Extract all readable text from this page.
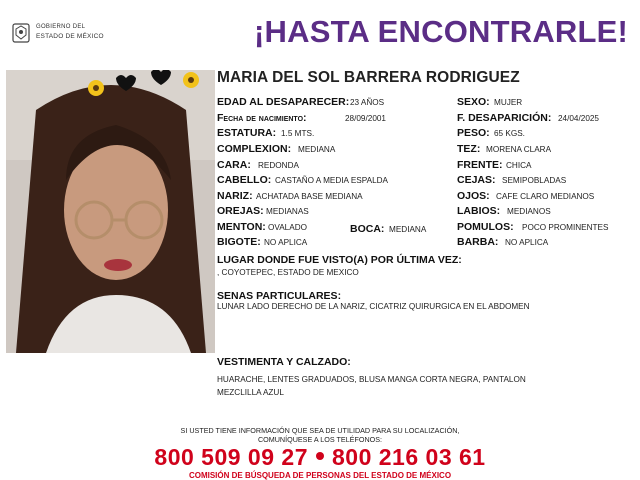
GOBIERNO DEL
ESTADO DE MÉXICO	¡HASTA ENCONTRARLE!
MARIA DEL SOL BARRERA RODRIGUEZ
EDAD AL DESAPARECER: 23 AÑOS
Fecha de nacimiento:	28/09/2001
ESTATURA: 1.5 MTS.
COMPLEXION: MEDIANA
CARA: REDONDA
CABELLO: CASTAÑO A MEDIA ESPALDA
NARIZ: ACHATADA BASE MEDIANA
OREJAS: MEDIANAS
MENTON: OVALADO	BOCA: MEDIANA
BIGOTE: NO APLICA
SEXO: MUJER
F. DESAPARICIÓN: 24/04/2025
PESO: 65 KGS.
TEZ: MORENA CLARA
FRENTE: CHICA
CEJAS: SEMIPOBLADAS
OJOS: CAFE CLARO MEDIANOS
LABIOS: MEDIANOS
POMULOS: POCO PROMINENTES
BARBA: NO APLICA
LUGAR DONDE FUE VISTO(A) POR ÚLTIMA VEZ:
, COYOTEPEC, ESTADO DE MEXICO
SENAS PARTICULARES:
LUNAR LADO DERECHO DE LA NARIZ, CICATRIZ QUIRURGICA EN EL ABDOMEN
VESTIMENTA Y CALZADO:
HUARACHE, LENTES GRADUADOS, BLUSA MANGA CORTA NEGRA, PANTALON
MEZCLILLA AZUL
SI USTED TIENE INFORMACIÓN QUE SEA DE UTILIDAD PARA SU LOCALIZACIÓN,
COMUNÍQUESE A LOS TELÉFONOS:
800 509 09 27 800 216 03 61
COMISIÓN DE BÚSQUEDA DE PERSONAS DEL ESTADO DE MÉXICO
